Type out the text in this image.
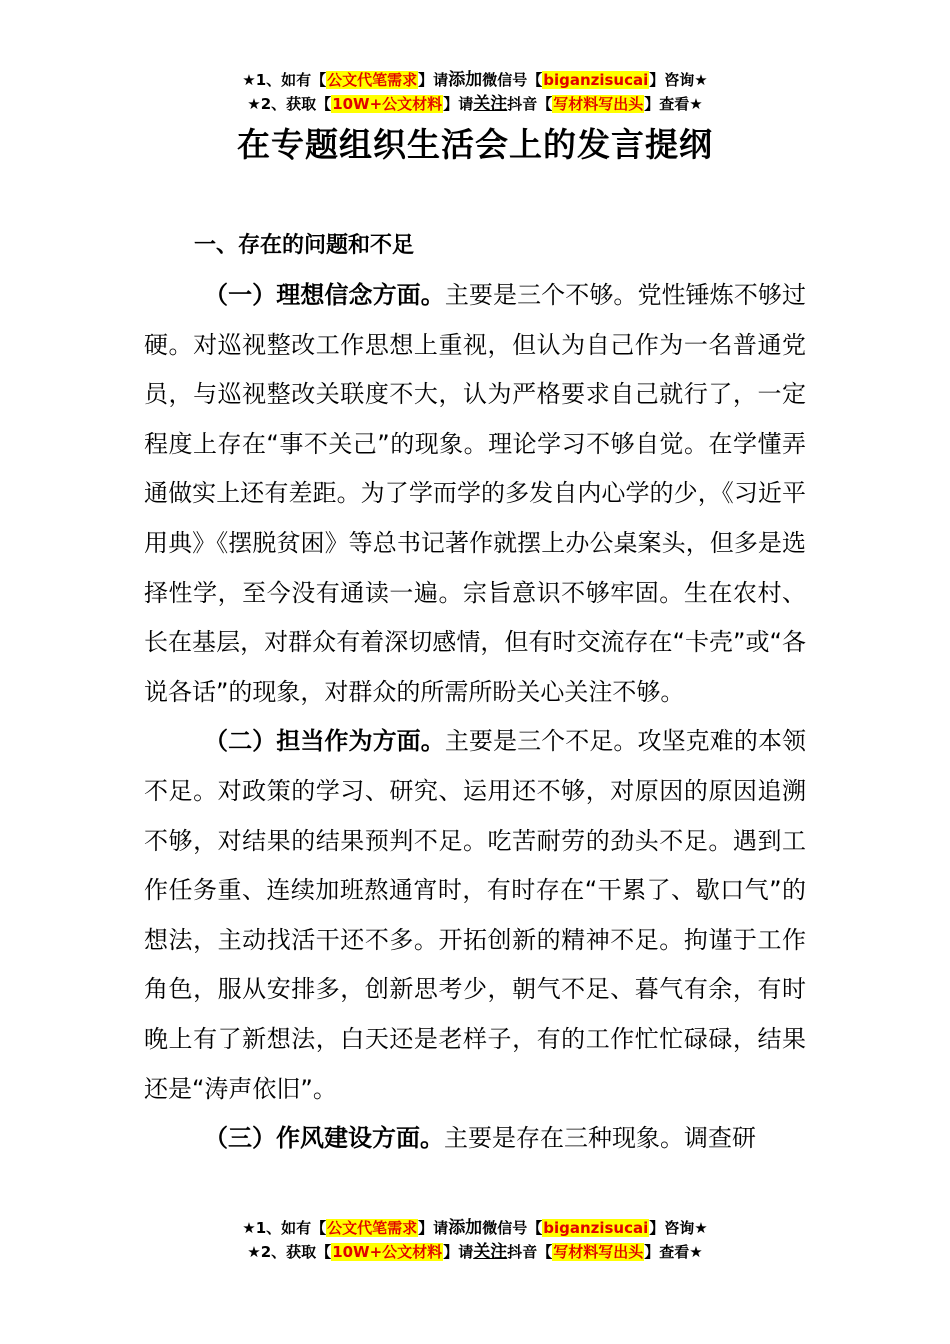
★1、如有【公文代笔需求】请添加微信号【biganzisucai】咨询★
★2、获取【10W+公文材料】请关注抖音【写材料写出头】查看★
在专题组织生活会上的发言提纲
一、存在的问题和不足

（一）理想信念方面。主要是三个不够。党性锤炼不够过硬。对巡视整改工作思想上重视，但认为自己作为一名普通党员，与巡视整改关联度不大，认为严格要求自己就行了，一定程度上存在“事不关己”的现象。理论学习不够自觉。在学懂弄通做实上还有差距。为了学而学的多发自内心学的少，《习近平用典》《摆脱贫困》等总书记著作就摆上办公桌案头，但多是选择性学，至今没有通读一遍。宗旨意识不够牢固。生在农村、长在基层，对群众有着深切感情，但有时交流存在“卡壳”或“各说各话”的现象，对群众的所需所盼关心关注不够。

（二）担当作为方面。主要是三个不足。攻坚克难的本领不足。对政策的学习、研究、运用还不够，对原因的原因追溯不够，对结果的结果预判不足。吃苦耐劳的劲头不足。遇到工作任务重、连续加班熬通宵时，有时存在“干累了、歇口气”的想法，主动找活干还不多。开拓创新的精神不足。拘谨于工作角色，服从安排多，创新思考少，朝气不足、暮气有余，有时晚上有了新想法，白天还是老样子，有的工作忙忙碌碌，结果还是“涛声依旧”。

（三）作风建设方面。主要是存在三种现象。调查研

★1、如有【公文代笔需求】请添加微信号【biganzisucai】咨询★
★2、获取【10W+公文材料】请关注抖音【写材料写出头】查看★
